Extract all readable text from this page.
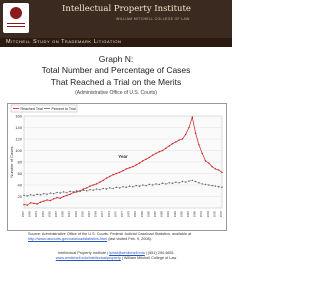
Intellectual Property Institute
WILLIAM MITCHELL COLLEGE OF LAW
Mitchell Study on Trademark Litigation
Graph N:
Total Number and Percentage of Cases
That Reached a Trial on the Merits
(Administrative Office of U.S. Courts)
20
40
60
80
100
120
140
160
1947 1949 1951 1953 1955 1957 1959 1961 1963 1965 1967 1969 1971 1973 1975 1977 1979 1981 1983 1985 1987 1989 1991 1993 1995 1997 1999 2001 2003 2005 2007
Number of Cases	Year
Reached Trial Percent to Trial
Source: Administrative Office of the U.S. Courts, Federal Judicial Caseload Statistics, available at http://www.uscourts.gov/caseloadstatistics.html (last visited Feb. 9, 2008).
Intellectual Property Institute | ipinst@wmitchell.edu | (651) 290-6651
www.wmitchell.edu/intellectualproperty | William Mitchell College of Law
